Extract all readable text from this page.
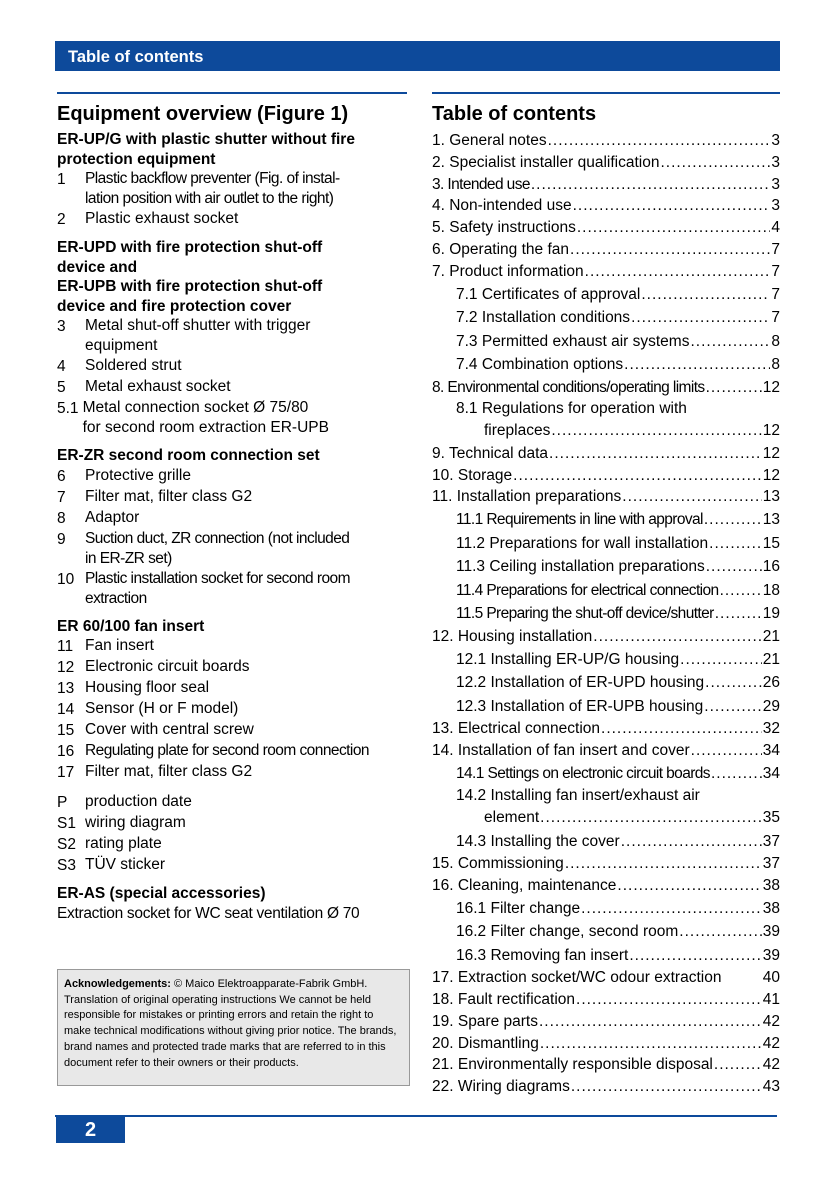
Table of contents
Equipment overview (Figure 1)
ER-UP/G with plastic shutter without fire
protection equipment
1	Plastic backflow preventer (Fig. of instal-
lation position with air outlet to the right)
2	Plastic exhaust socket
ER-UPD with fire protection shut-off
device and
ER-UPB with fire protection shut-off
device and fire protection cover
3	Metal shut-off shutter with trigger
equipment
4	Soldered strut
5	Metal exhaust socket
5.1 Metal connection socket Ø 75/80
for second room extraction ER-UPB
ER-ZR second room connection set
6	Protective grille
7	Filter mat, filter class G2
8	Adaptor
9	Suction duct, ZR connection (not included
in ER-ZR set)
10 Plastic installation socket for second room
extraction
ER 60/100 fan insert
11 Fan insert
12 Electronic circuit boards
13 Housing floor seal
14 Sensor (H or F model)
15 Cover with central screw
16 Regulating plate for second room connection
17 Filter mat, filter class G2
P	production date
S1 wiring diagram
S2 rating plate
S3 TÜV sticker
ER-AS (special accessories)
Extraction socket for WC seat ventilation Ø 70
Acknowledgements: © Maico Elektroapparate-Fabrik GmbH. Translation of original operating instructions We cannot be held responsible for mistakes or printing errors and retain the right to make technical modifications without giving prior notice. The brands, brand names and protected trade marks that are referred to in this document refer to their owners or their products.
Table of contents
1. General notes .....	3
2. Specialist installer qualification .....	3
3. Intended use .....	3
4. Non-intended use .....	3
5. Safety instructions .....	4
6. Operating the fan .....	7
7. Product information .....	7
7.1 Certificates of approval .....	7
7.2 Installation conditions .....	7
7.3 Permitted exhaust air systems .....	8
7.4 Combination options .....	8
8. Environmental conditions/operating limits .....	12
8.1 Regulations for operation with
fireplaces .....	12
9. Technical data .....	12
10. Storage .....	12
11. Installation preparations .....	13
11.1 Requirements in line with approval .....	13
11.2 Preparations for wall installation .....	15
11.3 Ceiling installation preparations .....	16
11.4 Preparations for electrical connection .....	18
11.5 Preparing the shut-off device/shutter .....	19
12. Housing installation .....	21
12.1 Installing ER-UP/G housing .....	21
12.2 Installation of ER-UPD housing .....	26
12.3 Installation of ER-UPB housing .....	29
13. Electrical connection .....	32
14. Installation of fan insert and cover .....	34
14.1 Settings on electronic circuit boards .....	34
14.2 Installing fan insert/exhaust air
element .....	35
14.3 Installing the cover .....	37
15. Commissioning .....	37
16. Cleaning, maintenance .....	38
16.1 Filter change .....	38
16.2 Filter change, second room .....	39
16.3 Removing fan insert .....	39
17. Extraction socket/WC odour extraction	40
18. Fault rectification .....	41
19. Spare parts .....	42
20. Dismantling .....	42
21. Environmentally responsible disposal .....	42
22. Wiring diagrams .....	43
2
